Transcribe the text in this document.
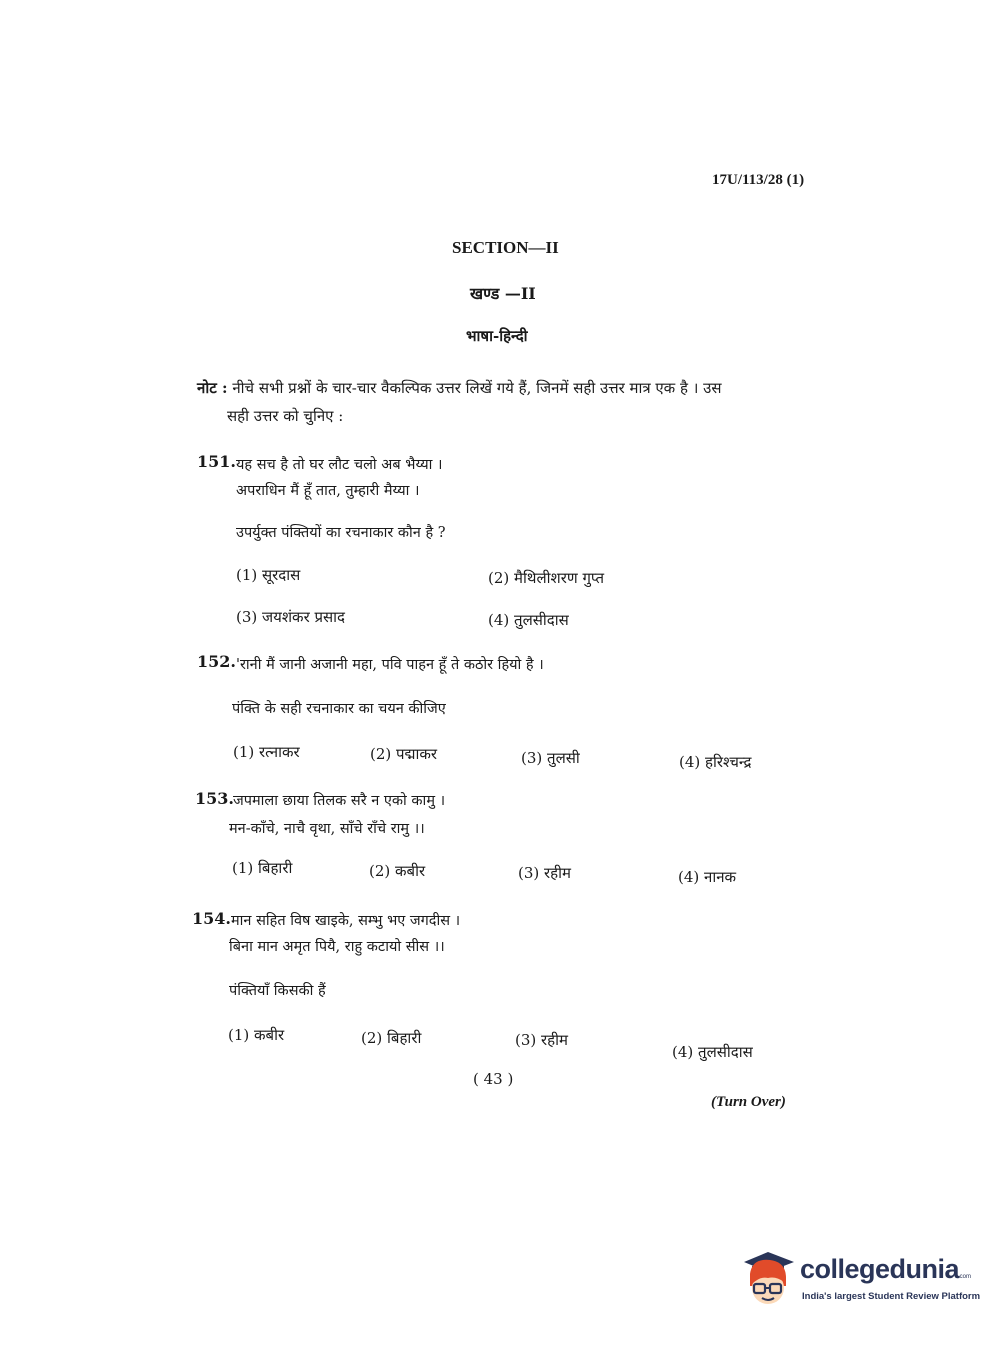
17U/113/28 (1)
SECTION—II
खण्ड —II
भाषा-हिन्दी
नोट : नीचे सभी प्रश्नों के चार-चार वैकल्पिक उत्तर लिखें गये हैं, जिनमें सही उत्तर मात्र एक है । उस
सही उत्तर को चुनिए :
151. यह सच है तो घर लौट चलो अब भैय्या ।
अपराधिन मैं हूँ तात, तुम्हारी मैय्या ।
उपर्युक्त पंक्तियों का रचनाकार कौन है ?
(1) सूरदास	(2) मैथिलीशरण गुप्त
(3) जयशंकर प्रसाद	(4) तुलसीदास
152. 'रानी मैं जानी अजानी महा, पवि पाहन हूँ ते कठोर हियो है ।
पंक्ति के सही रचनाकार का चयन कीजिए
(1) रत्नाकर	(2) पद्माकर	(3) तुलसी	(4) हरिश्चन्द्र
153. जपमाला छाया तिलक सरै न एको कामु ।
मन-काँचे, नाचै वृथा, साँचे राँचे रामु ।।
(1) बिहारी	(2) कबीर	(3) रहीम	(4) नानक
154. मान सहित विष खाइके, सम्भु भए जगदीस ।
बिना मान अमृत पियै, राहु कटायो सीस ।।
पंक्तियाँ किसकी हैं
(1) कबीर	(2) बिहारी	(3) रहीम
(4) तुलसीदास
( 43 )
(Turn Over)
collegedunia
.com
India's largest Student Review Platform
